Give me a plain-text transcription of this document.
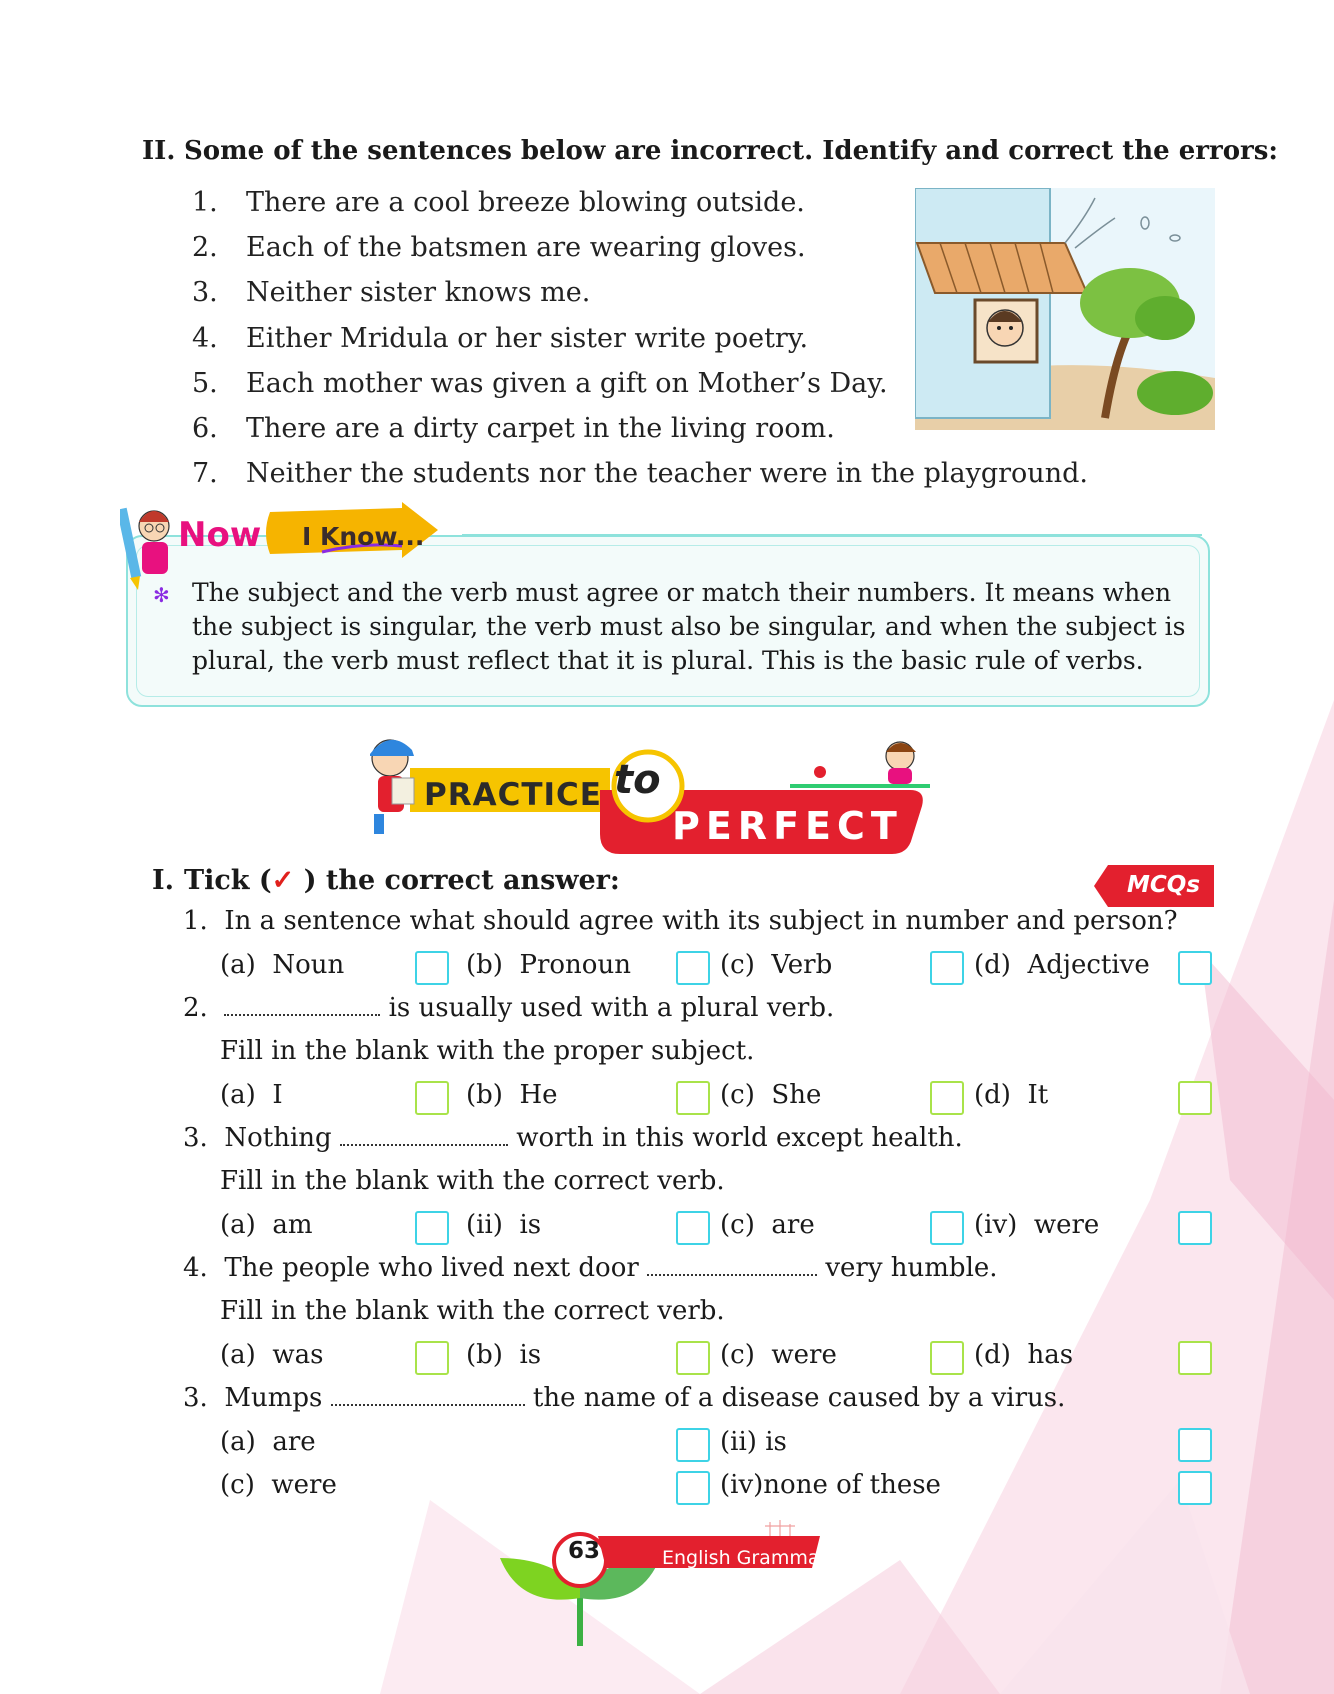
II. Some of the sentences below are incorrect. Identify and correct the errors:
1. There are a cool breeze blowing outside.
2. Each of the batsmen are wearing gloves.
3. Neither sister knows me.
4. Either Mridula or her sister write poetry.
5. Each mother was given a gift on Mother’s Day.
6. There are a dirty carpet in the living room.
7. Neither the students nor the teacher were in the playground.
Now I Know...
✻ The subject and the verb must agree or match their numbers. It means when the subject is singular, the verb must also be singular, and when the subject is plural, the verb must reflect that it is plural. This is the basic rule of verbs.
PRACTICE to
PERFECT
I. Tick (✓ ) the correct answer:	MCQs
1. In a sentence what should agree with its subject in number and person?
(a) Noun	(b) Pronoun	(c) Verb	(d) Adjective
2.	is usually used with a plural verb.
Fill in the blank with the proper subject.
(a) I	(b) He	(c) She	(d) It
3. Nothing	worth in this world except health.
Fill in the blank with the correct verb.
(a) am	(ii) is	(c) are	(iv) were
4. The people who lived next door	very humble.
Fill in the blank with the correct verb.
(a) was	(b) is	(c) were	(d) has
3. Mumps	the name of a disease caused by a virus.
(a) are	(ii) is
(c) were	(iv)none of these
63	English Grammar-4
